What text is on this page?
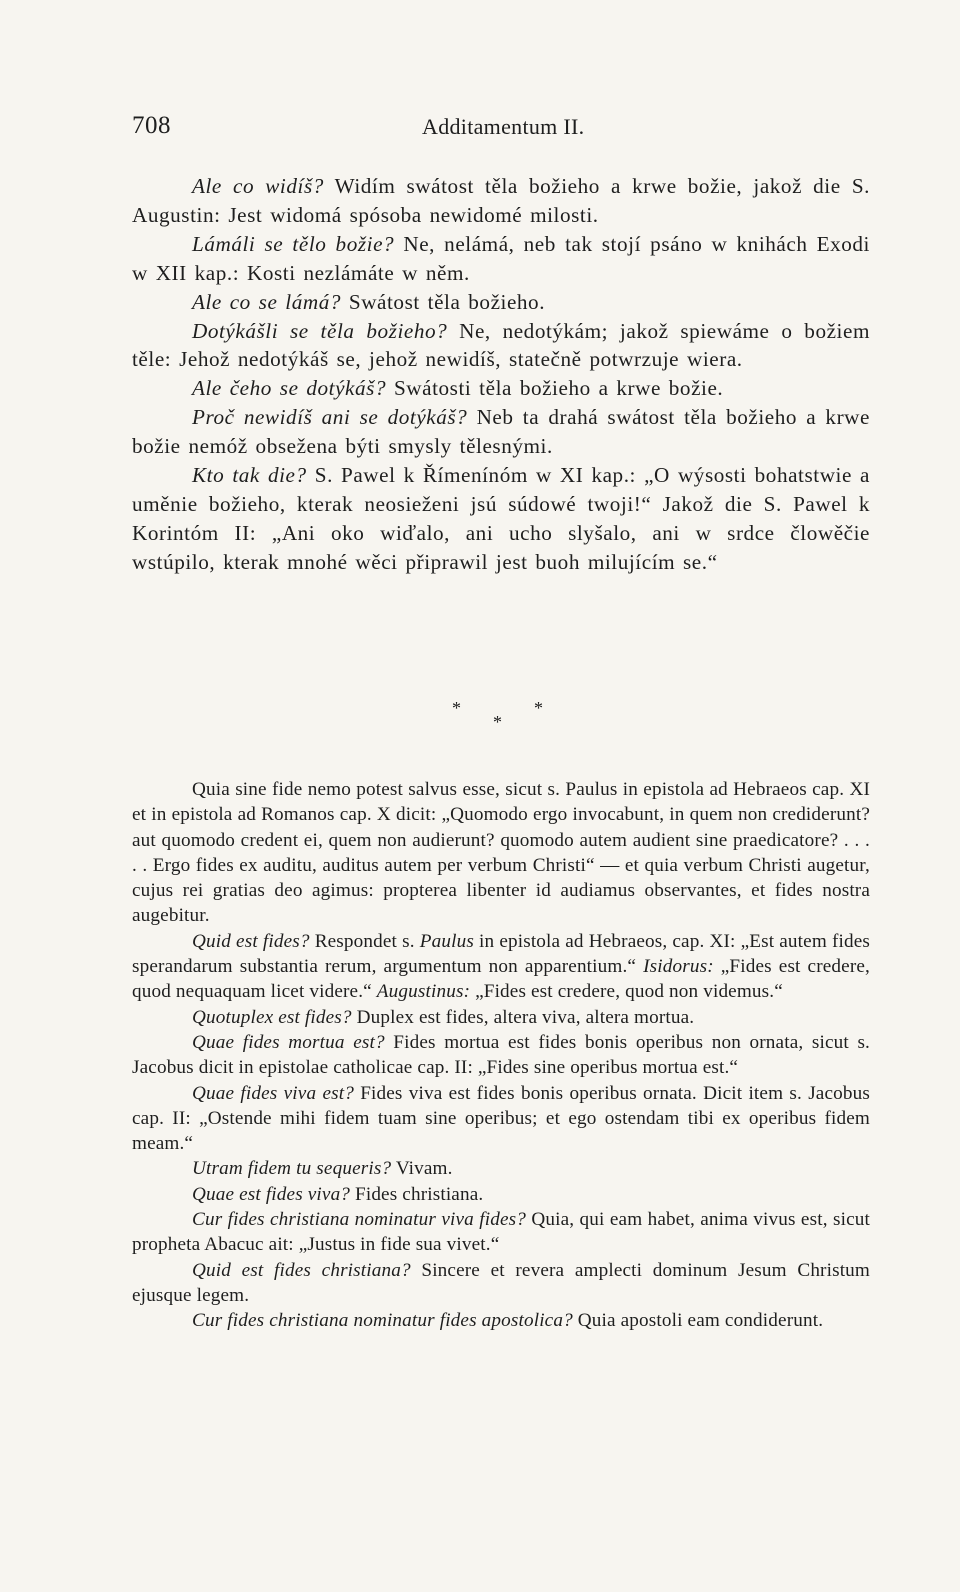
708	Additamentum II.

Ale co widíš? Widím swátost těla božieho a krwe božie, jakož die S. Augustin: Jest widomá spósoba newidomé milosti.

Lámáli se tělo božie? Ne, nelámá, neb tak stojí psáno w knihách Exodi w XII kap.: Kosti nezlámáte w něm.

Ale co se lámá? Swátost těla božieho.

Dotýkášli se těla božieho? Ne, nedotýkám; jakož spiewáme o božiem těle: Jehož nedotýkáš se, jehož newidíš, statečně potwrzuje wiera.

Ale čeho se dotýkáš? Swátosti těla božieho a krwe božie.

Proč newidíš ani se dotýkáš? Neb ta drahá swátost těla božieho a krwe božie nemóž obsežena býti smysly tělesnými.

Kto tak die? S. Pawel k Římenínóm w XI kap.: „O wýsosti bohatstwie a uměnie božieho, kterak neosieženi jsú súdowé twoji!“ Jakož die S. Pawel k Korintóm II: „Ani oko wiďalo, ani ucho slyšalo, ani w srdce člowěčie wstúpilo, kterak mnohé wěci připrawil jest buoh milujícím se.“

*	*
*

Quia sine fide nemo potest salvus esse, sicut s. Paulus in epistola ad Hebraeos cap. XI et in epistola ad Romanos cap. X dicit: „Quomodo ergo invocabunt, in quem non crediderunt? aut quomodo credent ei, quem non audierunt? quomodo autem audient sine praedicatore? . . . . . Ergo fides ex auditu, auditus autem per verbum Christi“ — et quia verbum Christi augetur, cujus rei gratias deo agimus: propterea libenter id audiamus observantes, et fides nostra augebitur.

Quid est fides? Respondet s. Paulus in epistola ad Hebraeos, cap. XI: „Est autem fides sperandarum substantia rerum, argumentum non apparentium.“ Isidorus: „Fides est credere, quod nequaquam licet videre.“ Augustinus: „Fides est credere, quod non videmus.“

Quotuplex est fides? Duplex est fides, altera viva, altera mortua.

Quae fides mortua est? Fides mortua est fides bonis operibus non ornata, sicut s. Jacobus dicit in epistolae catholicae cap. II: „Fides sine operibus mortua est.“

Quae fides viva est? Fides viva est fides bonis operibus ornata. Dicit item s. Jacobus cap. II: „Ostende mihi fidem tuam sine operibus; et ego ostendam tibi ex operibus fidem meam.“

Utram fidem tu sequeris? Vivam.

Quae est fides viva? Fides christiana.

Cur fides christiana nominatur viva fides? Quia, qui eam habet, anima vivus est, sicut propheta Abacuc ait: „Justus in fide sua vivet.“

Quid est fides christiana? Sincere et revera amplecti dominum Jesum Christum ejusque legem.

Cur fides christiana nominatur fides apostolica? Quia apostoli eam condiderunt.
